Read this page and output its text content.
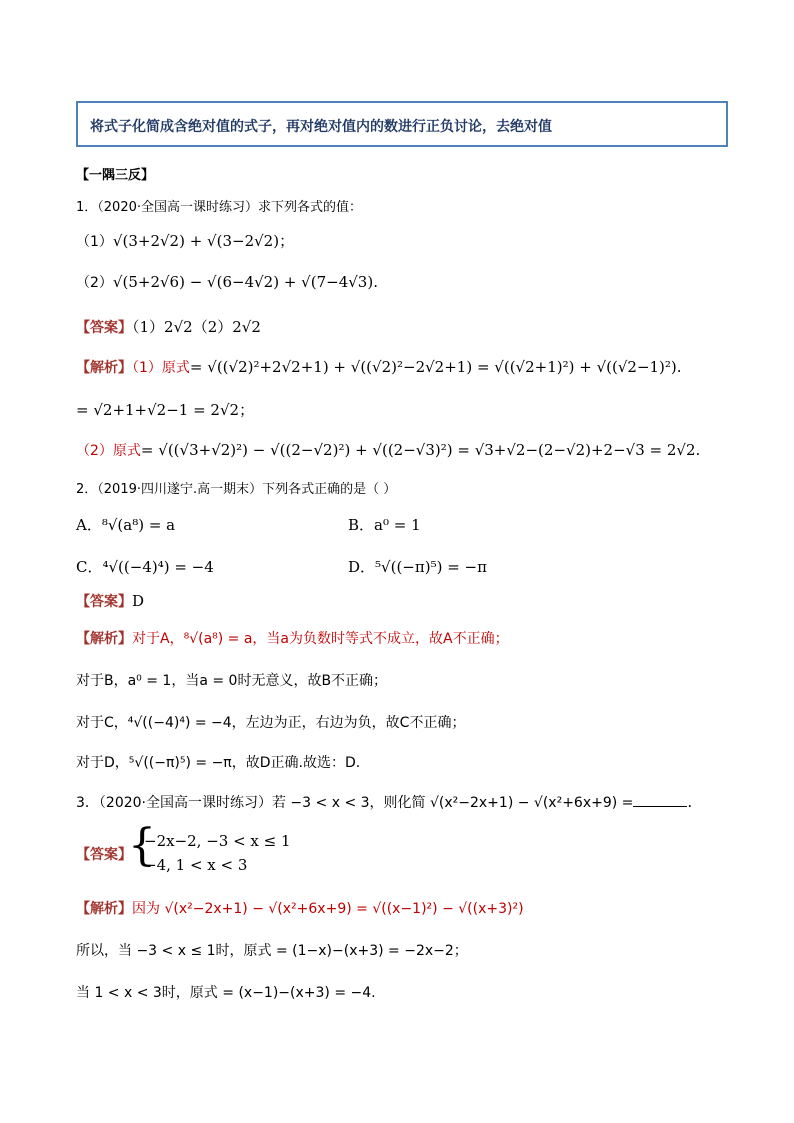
将式子化简成含绝对值的式子，再对绝对值内的数进行正负讨论，去绝对值
【一隅三反】
1．（2020·全国高一课时练习）求下列各式的值：
（1）√(3+2√2) + √(3−2√2)；
（2）√(5+2√6) − √(6−4√2) + √(7−4√3).
【答案】（1）2√2（2）2√2
【解析】（1）原式= √((√2)²+2√2+1) + √((√2)²−2√2+1) = √((√2+1)²) + √((√2−1)²).
= √2+1+√2−1 = 2√2；
（2）原式= √((√3+√2)²) − √((2−√2)²) + √((2−√3)²) = √3+√2−(2−√2)+2−√3 = 2√2.
2．（2019·四川遂宁.高一期末）下列各式正确的是（ ）
A．⁸√(a⁸) = a	B．a⁰ = 1
C．⁴√((−4)⁴) = −4	D．⁵√((−π)⁵) = −π
【答案】D
【解析】对于A，⁸√(a⁸) = a，当a为负数时等式不成立，故A不正确；
对于B，a⁰ = 1，当a = 0时无意义，故B不正确；
对于C，⁴√((−4)⁴) = −4，左边为正，右边为负，故C不正确；
对于D，⁵√((−π)⁵) = −π，故D正确.故选：D.
3．（2020·全国高一课时练习）若 −3 < x < 3，则化简 √(x²−2x+1) − √(x²+6x+9) =	.
【答案】
{
−2x−2, −3 < x ≤ 1
−4, 1 < x < 3
【解析】因为 √(x²−2x+1) − √(x²+6x+9) = √((x−1)²) − √((x+3)²)
所以，当 −3 < x ≤ 1时，原式 = (1−x)−(x+3) = −2x−2；
当 1 < x < 3时，原式 = (x−1)−(x+3) = −4.
